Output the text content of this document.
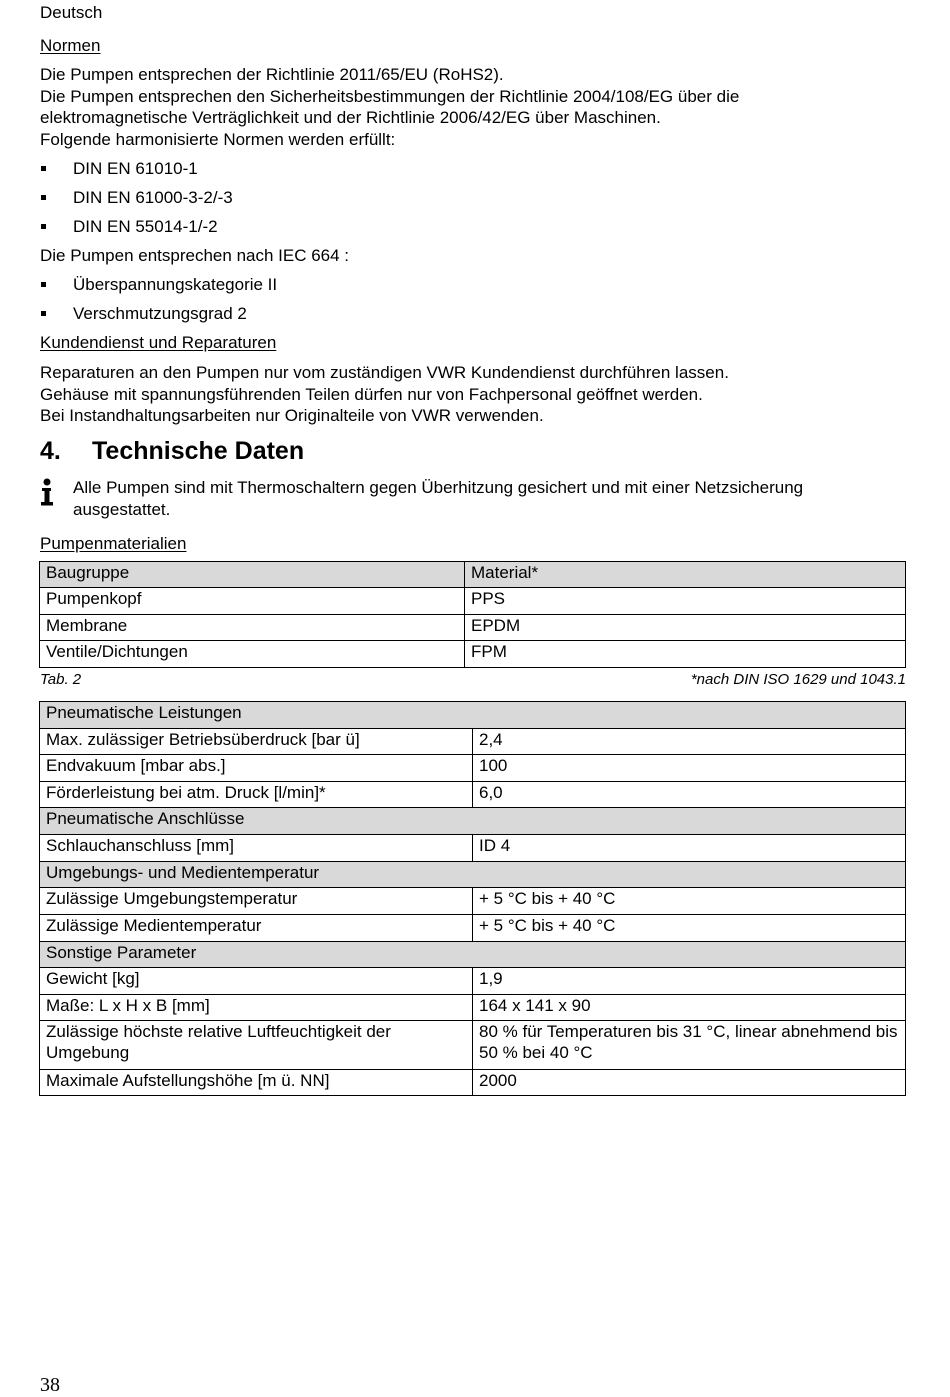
Deutsch
Normen
Die Pumpen entsprechen der Richtlinie 2011/65/EU (RoHS2).
Die Pumpen entsprechen den Sicherheitsbestimmungen der Richtlinie 2004/108/EG über die
elektromagnetische Verträglichkeit und der Richtlinie 2006/42/EG über Maschinen.
Folgende harmonisierte Normen werden erfüllt:
DIN EN 61010-1
DIN EN 61000-3-2/-3
DIN EN 55014-1/-2
Die Pumpen entsprechen nach IEC 664 :
Überspannungskategorie II
Verschmutzungsgrad 2
Kundendienst und Reparaturen
Reparaturen an den Pumpen nur vom zuständigen VWR Kundendienst durchführen lassen.
Gehäuse mit spannungsführenden Teilen dürfen nur von Fachpersonal geöffnet werden.
Bei Instandhaltungsarbeiten nur Originalteile von VWR verwenden.
4. Technische Daten
Alle Pumpen sind mit Thermoschaltern gegen Überhitzung gesichert und mit einer Netzsicherung
ausgestattet.
Pumpenmaterialien
Baugruppe	Material*
Pumpenkopf	PPS
Membrane	EPDM
Ventile/Dichtungen	FPM
Tab. 2	*nach DIN ISO 1629 und 1043.1
Pneumatische Leistungen	
Max. zulässiger Betriebsüberdruck [bar ü]	2,4
Endvakuum [mbar abs.]	100
Förderleistung bei atm. Druck [l/min]*	6,0
Pneumatische Anschlüsse	
Schlauchanschluss [mm]	ID 4
Umgebungs- und Medientemperatur	
Zulässige Umgebungstemperatur	+ 5 °C bis + 40 °C
Zulässige Medientemperatur	+ 5 °C bis + 40 °C
Sonstige Parameter	
Gewicht [kg]	1,9
Maße: L x H x B [mm]	164 x 141 x 90
Zulässige höchste relative Luftfeuchtigkeit der Umgebung	80 % für Temperaturen bis 31 °C, linear abnehmend bis 50 % bei 40 °C
Maximale Aufstellungshöhe [m ü. NN]	2000
38
